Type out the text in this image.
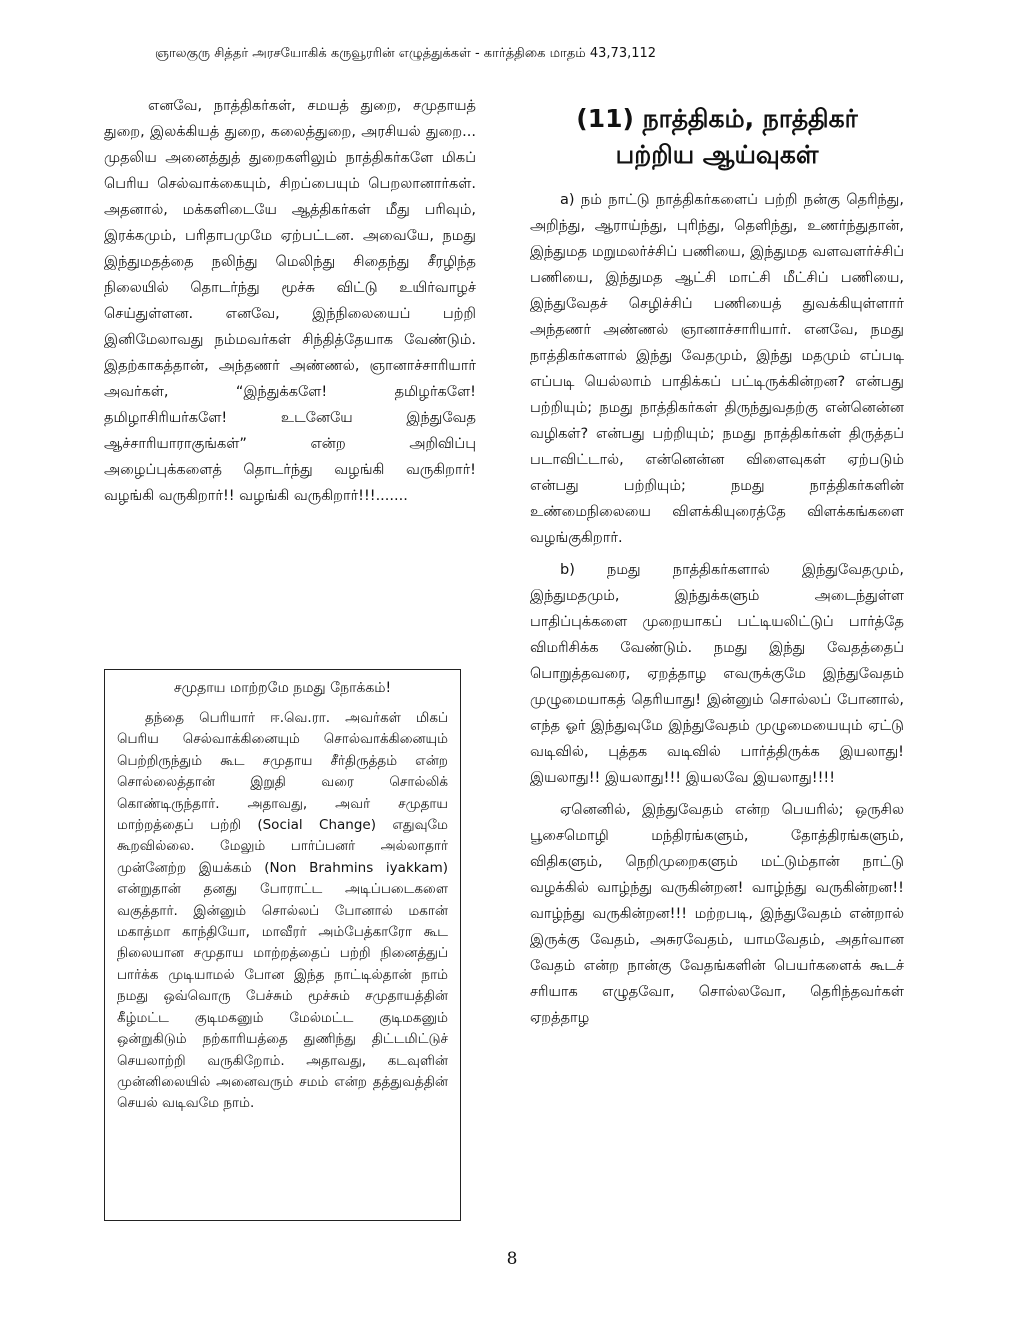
ஞாலகுரு சித்தர் அரசயோகிக் கருவூரரின் எழுத்துக்கள் - கார்த்திகை மாதம் 43,73,112

எனவே, நாத்திகர்கள், சமயத் துறை, சமுதாயத் துறை, இலக்கியத் துறை, கலைத்துறை, அரசியல் துறை... முதலிய அனைத்துத் துறைகளிலும் நாத்திகர்களே மிகப் பெரிய செல்வாக்கையும், சிறப்பையும் பெறலானார்கள். அதனால், மக்களிடையே ஆத்திகர்கள் மீது பரிவும், இரக்கமும், பரிதாபமுமே ஏற்பட்டன. அவையே, நமது இந்துமதத்தை நலிந்து மெலிந்து சிதைந்து சீரழிந்த நிலையில் தொடர்ந்து மூச்சு விட்டு உயிர்வாழச் செய்துள்ளன. எனவே, இந்நிலையைப் பற்றி இனிமேலாவது நம்மவர்கள் சிந்தித்தேயாக வேண்டும். இதற்காகத்தான், அந்தணர் அண்ணல், ஞானாச்சாரியார் அவர்கள், “இந்துக்களே! தமிழர்களே! தமிழாசிரியர்களே! உடனேயே இந்துவேத ஆச்சாரியாராகுங்கள்” என்ற அறிவிப்பு அழைப்புக்களைத் தொடர்ந்து வழங்கி வருகிறார்! வழங்கி வருகிறார்!! வழங்கி வருகிறார்!!!.......

சமுதாய மாற்றமே நமது நோக்கம்!

தந்தை பெரியார் ஈ.வெ.ரா. அவர்கள் மிகப் பெரிய செல்வாக்கினையும் சொல்வாக்கினையும் பெற்றிருந்தும் கூட சமுதாய சீர்திருத்தம் என்ற சொல்லைத்தான் இறுதி வரை சொல்லிக் கொண்டிருந்தார். அதாவது, அவர் சமுதாய மாற்றத்தைப் பற்றி (Social Change) எதுவுமே கூறவில்லை. மேலும் பார்ப்பனர் அல்லாதார் முன்னேற்ற இயக்கம் (Non Brahmins iyakkam) என்றுதான் தனது போராட்ட அடிப்படைகளை வகுத்தார். இன்னும் சொல்லப் போனால் மகான் மகாத்மா காந்தியோ, மாவீரர் அம்பேத்காரோ கூட நிலையான சமுதாய மாற்றத்தைப் பற்றி நினைத்துப் பார்க்க முடியாமல் போன இந்த நாட்டில்தான் நாம் நமது ஒவ்வொரு பேச்சும் மூச்சும் சமுதாயத்தின் கீழ்மட்ட குடிமகனும் மேல்மட்ட குடிமகனும் ஒன்றுகிடும் நற்காரியத்தை துணிந்து திட்டமிட்டுச் செயலாற்றி வருகிறோம். அதாவது, கடவுளின் முன்னிலையில் அனைவரும் சமம் என்ற தத்துவத்தின் செயல் வடிவமே நாம்.

(11) நாத்திகம், நாத்திகர்
பற்றிய ஆய்வுகள்

a) நம் நாட்டு நாத்திகர்களைப் பற்றி நன்கு தெரிந்து, அறிந்து, ஆராய்ந்து, புரிந்து, தெளிந்து, உணர்ந்துதான், இந்துமத மறுமலர்ச்சிப் பணியை, இந்துமத வளவளர்ச்சிப் பணியை, இந்துமத ஆட்சி மாட்சி மீட்சிப் பணியை, இந்துவேதச் செழிச்சிப் பணியைத் துவக்கியுள்ளார் அந்தணர் அண்ணல் ஞானாச்சாரியார். எனவே, நமது நாத்திகர்களால் இந்து வேதமும், இந்து மதமும் எப்படி எப்படி யெல்லாம் பாதிக்கப் பட்டிருக்கின்றன? என்பது பற்றியும்; நமது நாத்திகர்கள் திருந்துவதற்கு என்னென்ன வழிகள்? என்பது பற்றியும்; நமது நாத்திகர்கள் திருத்தப் படாவிட்டால், என்னென்ன விளைவுகள் ஏற்படும் என்பது பற்றியும்; நமது நாத்திகர்களின் உண்மைநிலையை விளக்கியுரைத்தே விளக்கங்களை வழங்குகிறார்.

b) நமது நாத்திகர்களால் இந்துவேதமும், இந்துமதமும், இந்துக்களும் அடைந்துள்ள பாதிப்புக்களை முறையாகப் பட்டியலிட்டுப் பார்த்தே விமரிசிக்க வேண்டும். நமது இந்து வேதத்தைப் பொறுத்தவரை, ஏறத்தாழ எவருக்குமே இந்துவேதம் முழுமையாகத் தெரியாது! இன்னும் சொல்லப் போனால், எந்த ஓர் இந்துவுமே இந்துவேதம் முழுமையையும் ஏட்டு வடிவில், புத்தக வடிவில் பார்த்திருக்க இயலாது! இயலாது!! இயலாது!!! இயலவே இயலாது!!!!

ஏனெனில், இந்துவேதம் என்ற பெயரில்; ஒருசில பூசைமொழி மந்திரங்களும், தோத்திரங்களும், விதிகளும், நெறிமுறைகளும் மட்டும்தான் நாட்டு வழக்கில் வாழ்ந்து வருகின்றன! வாழ்ந்து வருகின்றன!! வாழ்ந்து வருகின்றன!!! மற்றபடி, இந்துவேதம் என்றால் இருக்கு வேதம், அசுரவேதம், யாமவேதம், அதர்வான வேதம் என்ற நான்கு வேதங்களின் பெயர்களைக் கூடச் சரியாக எழுதவோ, சொல்லவோ, தெரிந்தவர்கள் ஏறத்தாழ

8
